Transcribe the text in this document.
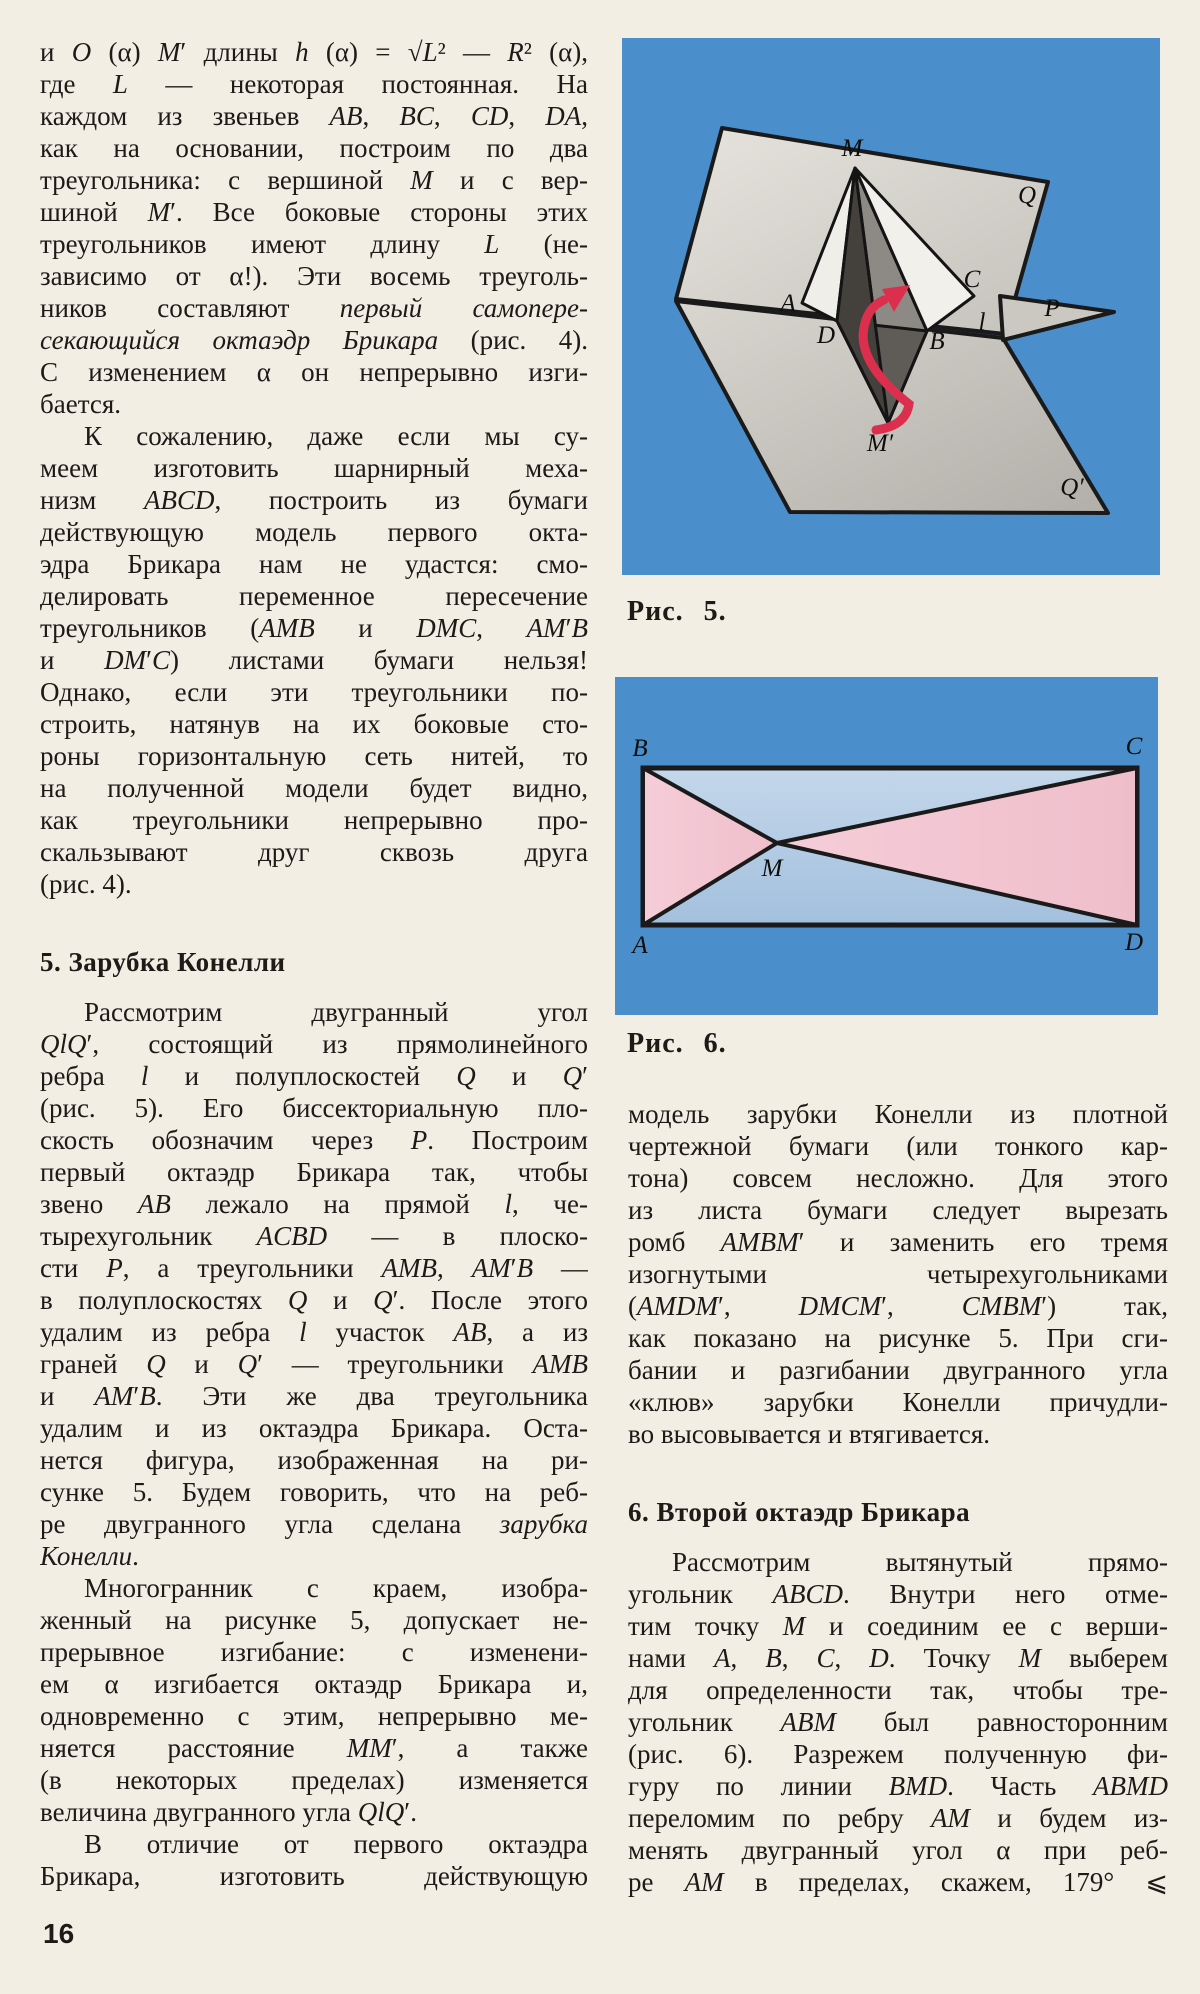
и O (α) M′ длины h (α) = √L² — R² (α),
где L — некоторая постоянная. На
каждом из звеньев AB, BC, CD, DA,
как на основании, построим по два
треугольника: с вершиной M и с вер-
шиной M′. Все боковые стороны этих
треугольников имеют длину L (не-
зависимо от α!). Эти восемь треуголь-
ников составляют первый самопере-
секающийся октаэдр Брикара (рис. 4).
С изменением α он непрерывно изги-
бается.
К сожалению, даже если мы су-
меем изготовить шарнирный меха-
низм ABCD, построить из бумаги
действующую модель первого окта-
эдра Брикара нам не удастся: смо-
делировать переменное пересечение
треугольников (AMB и DMC, AM′B
и DM′C) листами бумаги нельзя!
Однако, если эти треугольники по-
строить, натянув на их боковые сто-
роны горизонтальную сеть нитей, то
на полученной модели будет видно,
как треугольники непрерывно про-
скальзывают друг сквозь друга
(рис. 4).
5. Зарубка Конелли
Рассмотрим двугранный угол
QlQ′, состоящий из прямолинейного
ребра l и полуплоскостей Q и Q′
(рис. 5). Его биссекториальную пло-
скость обозначим через P. Построим
первый октаэдр Брикара так, чтобы
звено AB лежало на прямой l, че-
тырехугольник ACBD — в плоско-
сти P, а треугольники AMB, AM′B —
в полуплоскостях Q и Q′. После этого
удалим из ребра l участок AB, а из
граней Q и Q′ — треугольники AMB
и AM′B. Эти же два треугольника
удалим и из октаэдра Брикара. Оста-
нется фигура, изображенная на ри-
сунке 5. Будем говорить, что на реб-
ре двугранного угла сделана зарубка
Конелли.
Многогранник с краем, изобра-
женный на рисунке 5, допускает не-
прерывное изгибание: с изменени-
ем α изгибается октаэдр Брикара и,
одновременно с этим, непрерывно ме-
няется расстояние MM′, а также
(в некоторых пределах) изменяется
величина двугранного угла QlQ′.
В отличие от первого октаэдра
Брикара, изготовить действующую
M
Q
A
D
C
B
l
P
M′
Q′
Рис. 5.
B	C
A	D
M
Рис. 6.
модель зарубки Конелли из плотной
чертежной бумаги (или тонкого кар-
тона) совсем несложно. Для этого
из листа бумаги следует вырезать
ромб AMBM′ и заменить его тремя
изогнутыми четырехугольниками
(AMDM′, DMCM′, CMBM′) так,
как показано на рисунке 5. При сги-
бании и разгибании двугранного угла
«клюв» зарубки Конелли причудли-
во высовывается и втягивается.
6. Второй октаэдр Брикара
Рассмотрим вытянутый прямо-
угольник ABCD. Внутри него отме-
тим точку M и соединим ее с верши-
нами A, B, C, D. Точку M выберем
для определенности так, чтобы тре-
угольник ABM был равносторонним
(рис. 6). Разрежем полученную фи-
гуру по линии BMD. Часть ABMD
переломим по ребру AM и будем из-
менять двугранный угол α при реб-
ре AM в пределах, скажем, 179° ⩽
16
